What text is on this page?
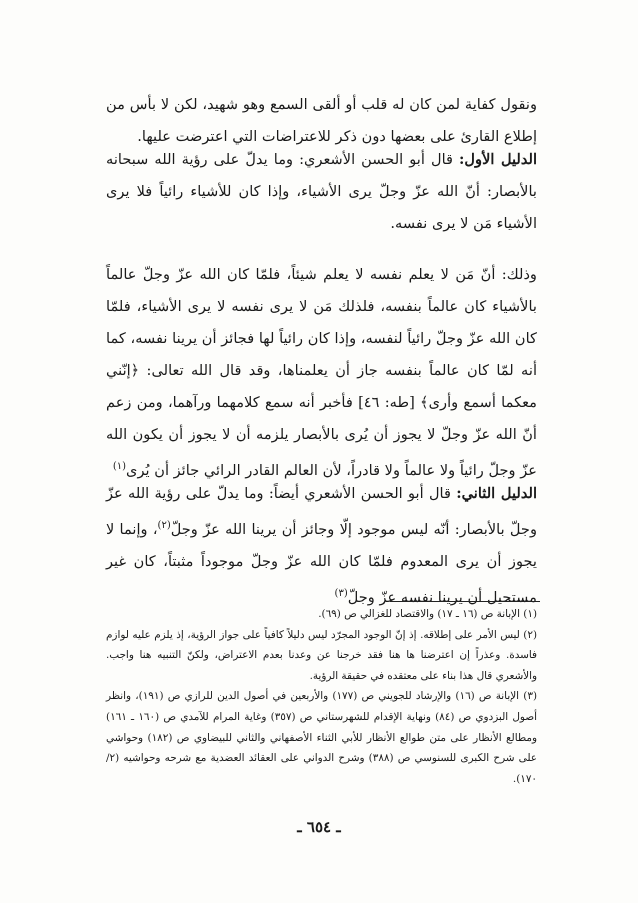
ونقول كفاية لمن كان له قلب أو ألقى السمع وهو شهيد، لكن لا بأس من إطلاع القارئ على بعضها دون ذكر للاعتراضات التي اعترضت عليها.

الدليل الأول: قال أبو الحسن الأشعري: وما يدلّ على رؤية الله سبحانه بالأبصار: أنّ الله عزّ وجلّ يرى الأشياء، وإذا كان للأشياء رائياً فلا يرى الأشياء مَن لا يرى نفسه.

وذلك: أنّ مَن لا يعلم نفسه لا يعلم شيئاً، فلمّا كان الله عزّ وجلّ عالماً بالأشياء كان عالماً بنفسه، فلذلك مَن لا يرى نفسه لا يرى الأشياء، فلمّا كان الله عزّ وجلّ رائياً لنفسه، وإذا كان رائياً لها فجائز أن يرينا نفسه، كما أنه لمّا كان عالماً بنفسه جاز أن يعلمناها، وقد قال الله تعالى: ﴿إنّني معكما أسمع وأرى﴾ [طه: ٤٦] فأخبر أنه سمع كلامهما ورآهما، ومن زعم أنّ الله عزّ وجلّ لا يجوز أن يُرى بالأبصار يلزمه أن لا يجوز أن يكون الله عزّ وجلّ رائياً ولا عالماً ولا قادراً، لأن العالم القادر الرائي جائز أن يُرى$^{(١)}$

الدليل الثاني: قال أبو الحسن الأشعري أيضاً: وما يدلّ على رؤية الله عزّ وجلّ بالأبصار: أنّه ليس موجود إلّا وجائز أن يرينا الله عزّ وجلّ$^{(٢)}$، وإنما لا يجوز أن يرى المعدوم فلمّا كان الله عزّ وجلّ موجوداً مثبتاً، كان غير مستحيل أن يرينا نفسه عزّ وجلّ$^{(٣)}$

(١) الإبانة ص (١٦ ـ ١٧) والاقتصاد للغزالي ص (٦٩).

(٢) ليس الأمر على إطلاقه. إذ إنّ الوجود المجرّد ليس دليلاً كافياً على جواز الرؤية، إذ يلزم عليه لوازم فاسدة. وعذراً إن اعترضنا ها هنا فقد خرجنا عن وعدنا بعدم الاعتراض، ولكنّ التنبيه هنا واجب. والأشعري قال هذا بناء على معتقده في حقيقة الرؤية.

(٣) الإبانة ص (١٦) والإرشاد للجويني ص (١٧٧) والأربعين في أصول الدين للرازي ص (١٩١)، وانظر أصول البزدوي ص (٨٤) ونهاية الإقدام للشهرستاني ص (٣٥٧) وغاية المرام للآمدي ص (١٦٠ ـ ١٦١) ومطالع الأنظار على متن طوالع الأنظار للأبي الثناء الأصفهاني والثاني للبيضاوي ص (١٨٢) وحواشي على شرح الكبرى للسنوسي ص (٣٨٨) وشرح الدواني على العقائد العضدية مع شرحه وحواشيه (٢/ ١٧٠).

ـ ٦٥٤ ـ
